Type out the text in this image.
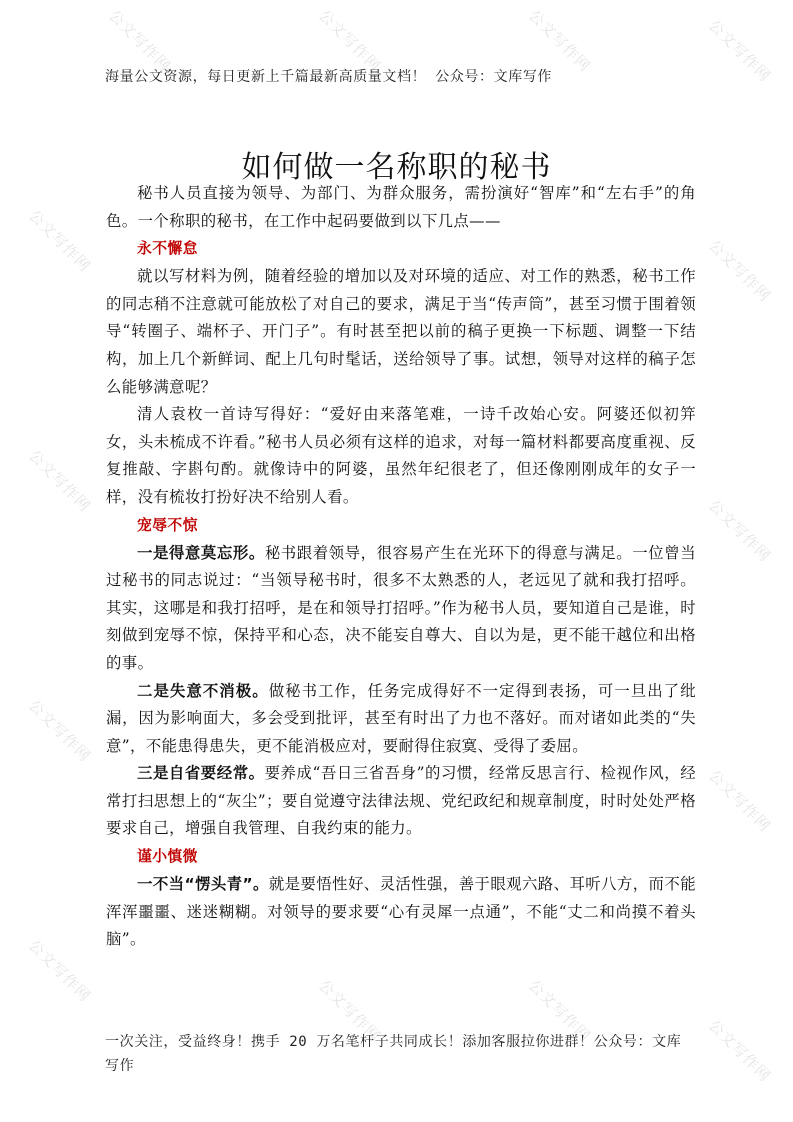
公文写作网	公文写作网	公文写作网	公文写作网
公文写作网	公文写作网
公文写作网
公文写作网
公文写作网
公文写作网
公文写作网
公文写作网	公文写作网
公文写作网
海量公文资源，每日更新上千篇最新高质量文档！ 公众号：文库写作
如何做一名称职的秘书

秘书人员直接为领导、为部门、为群众服务，需扮演好“智库”和“左右手”的角色。一个称职的秘书，在工作中起码要做到以下几点——

永不懈怠

就以写材料为例，随着经验的增加以及对环境的适应、对工作的熟悉，秘书工作的同志稍不注意就可能放松了对自己的要求，满足于当“传声筒”，甚至习惯于围着领导“转圈子、端杯子、开门子”。有时甚至把以前的稿子更换一下标题、调整一下结构，加上几个新鲜词、配上几句时髦话，送给领导了事。试想，领导对这样的稿子怎么能够满意呢？

清人袁枚一首诗写得好：“爱好由来落笔难，一诗千改始心安。阿婆还似初笄女，头未梳成不许看。”秘书人员必须有这样的追求，对每一篇材料都要高度重视、反复推敲、字斟句酌。就像诗中的阿婆，虽然年纪很老了，但还像刚刚成年的女子一样，没有梳妆打扮好决不给别人看。

宠辱不惊

一是得意莫忘形。秘书跟着领导，很容易产生在光环下的得意与满足。一位曾当过秘书的同志说过：“当领导秘书时，很多不太熟悉的人，老远见了就和我打招呼。其实，这哪是和我打招呼，是在和领导打招呼。”作为秘书人员，要知道自己是谁，时刻做到宠辱不惊，保持平和心态，决不能妄自尊大、自以为是，更不能干越位和出格的事。

二是失意不消极。做秘书工作，任务完成得好不一定得到表扬，可一旦出了纰漏，因为影响面大，多会受到批评，甚至有时出了力也不落好。而对诸如此类的“失意”，不能患得患失，更不能消极应对，要耐得住寂寞、受得了委屈。

三是自省要经常。要养成“吾日三省吾身”的习惯，经常反思言行、检视作风，经常打扫思想上的“灰尘”；要自觉遵守法律法规、党纪政纪和规章制度，时时处处严格要求自己，增强自我管理、自我约束的能力。

谨小慎微

一不当“愣头青”。就是要悟性好、灵活性强，善于眼观六路、耳听八方，而不能浑浑噩噩、迷迷糊糊。对领导的要求要“心有灵犀一点通”，不能“丈二和尚摸不着头脑”。

一次关注，受益终身！携手 20 万名笔杆子共同成长！添加客服拉你进群！公众号：文库写作
